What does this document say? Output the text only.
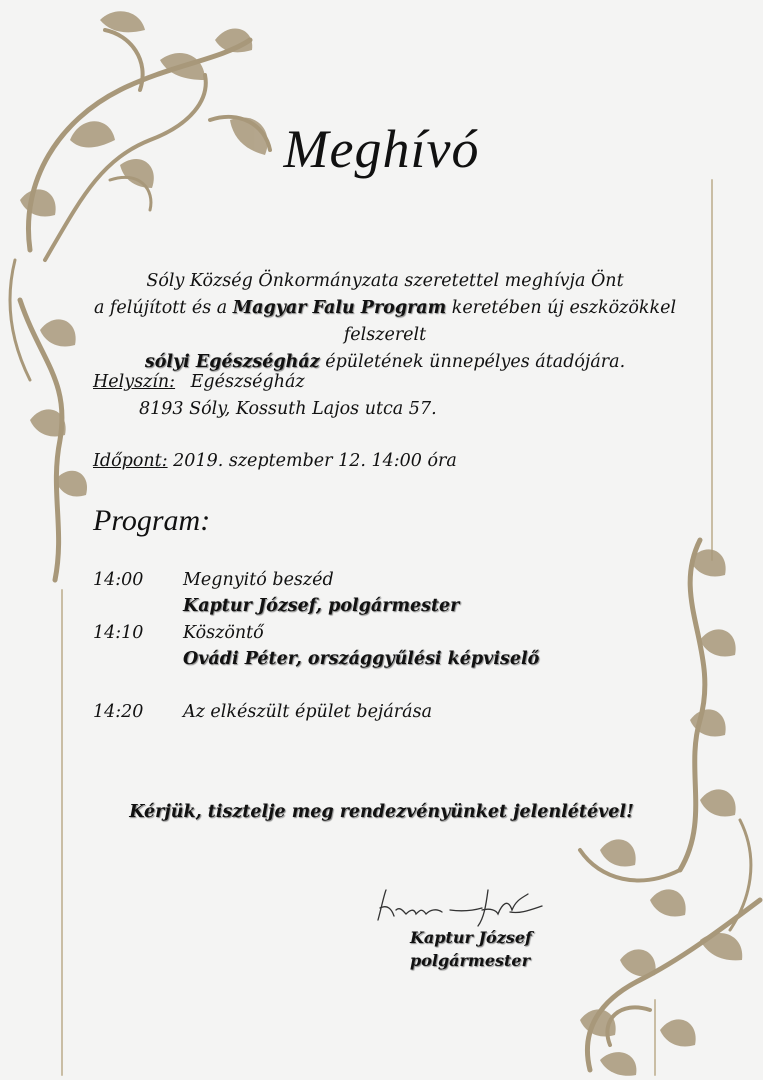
Meghívó
Sóly Község Önkormányzata szeretettel meghívja Önt
a felújított és a Magyar Falu Program keretében új eszközökkel felszerelt
sólyi Egészségház épületének ünnepélyes átadójára.
Helyszín: Egészségház
8193 Sóly, Kossuth Lajos utca 57.
Időpont: 2019. szeptember 12. 14:00 óra
Program:
14:00 Megnyitó beszéd
Kaptur József, polgármester
14:10 Köszöntő
Ovádi Péter, országgyűlési képviselő
14:20 Az elkészült épület bejárása
Kérjük, tisztelje meg rendezvényünket jelenlétével!
Kaptur József
polgármester
